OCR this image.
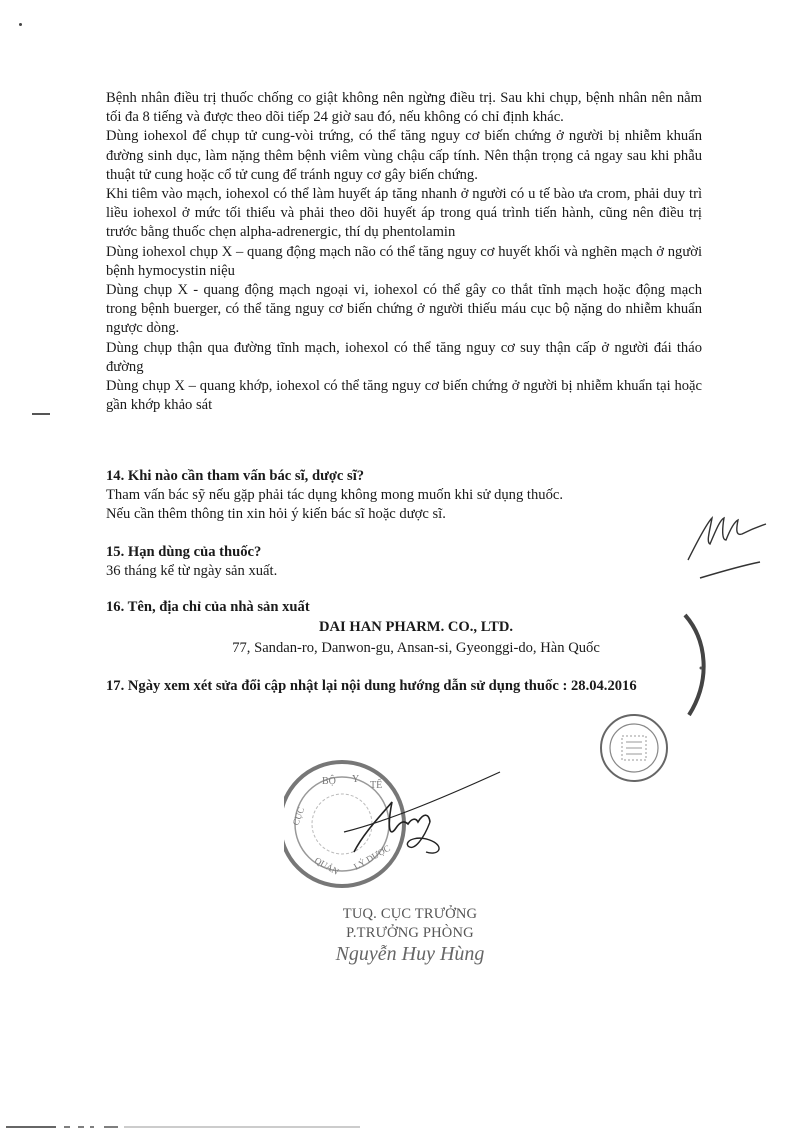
Bệnh nhân điều trị thuốc chống co giật không nên ngừng điều trị. Sau khi chụp, bệnh nhân nên nằm tối đa 8 tiếng và được theo dõi tiếp 24 giờ sau đó, nếu không có chỉ định khác.

Dùng iohexol để chụp tử cung-vòi trứng, có thể tăng nguy cơ biến chứng ở người bị nhiễm khuẩn đường sinh dục, làm nặng thêm bệnh viêm vùng chậu cấp tính. Nên thận trọng cả ngay sau khi phẫu thuật tử cung hoặc cổ tử cung để tránh nguy cơ gây biến chứng.

Khi tiêm vào mạch, iohexol có thể làm huyết áp tăng nhanh ở người có u tế bào ưa crom, phải duy trì liều iohexol ở mức tối thiểu và phải theo dõi huyết áp trong quá trình tiến hành, cũng nên điều trị trước bằng thuốc chẹn alpha-adrenergic, thí dụ phentolamin

Dùng iohexol chụp X – quang động mạch não có thể tăng nguy cơ huyết khối và nghẽn mạch ở người bệnh hymocystin niệu

Dùng chụp X - quang động mạch ngoại vi, iohexol có thể gây co thắt tĩnh mạch hoặc động mạch trong bệnh buerger, có thể tăng nguy cơ biến chứng ở người thiếu máu cục bộ nặng do nhiễm khuẩn ngược dòng.

Dùng chụp thận qua đường tĩnh mạch, iohexol có thể tăng nguy cơ suy thận cấp ở người đái tháo đường

Dùng chụp X – quang khớp, iohexol có thể tăng nguy cơ biến chứng ở người bị nhiễm khuẩn tại hoặc gần khớp khảo sát

14. Khi nào cần tham vấn bác sĩ, dược sĩ?

Tham vấn bác sỹ nếu gặp phải tác dụng không mong muốn khi sử dụng thuốc.

Nếu cần thêm thông tin xin hỏi ý kiến bác sĩ hoặc dược sĩ.

15. Hạn dùng của thuốc?

36 tháng kể từ ngày sản xuất.

16. Tên, địa chỉ của nhà sản xuất

DAI HAN PHARM. CO., LTD.

77, Sandan-ro, Danwon-gu, Ansan-si, Gyeonggi-do, Hàn Quốc

17. Ngày xem xét sửa đổi cập nhật lại nội dung hướng dẫn sử dụng thuốc : 28.04.2016

BỘ Y
TẾ
CỤC
QUẢN LÝ DƯỢC
TUQ. CỤC TRƯỞNG
P.TRƯỞNG PHÒNG
Nguyễn Huy Hùng
